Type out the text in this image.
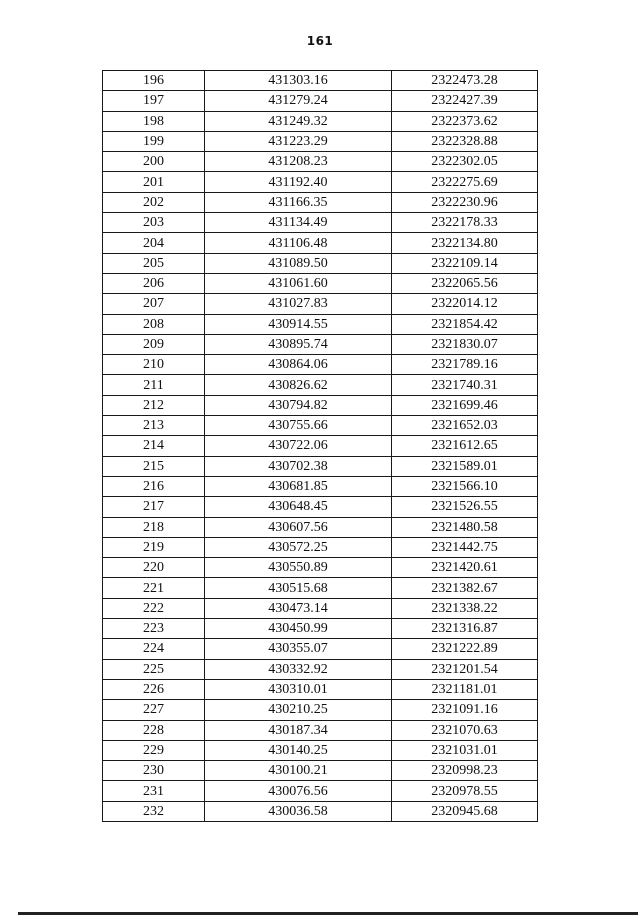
161
196	431303.16	2322473.28
197	431279.24	2322427.39
198	431249.32	2322373.62
199	431223.29	2322328.88
200	431208.23	2322302.05
201	431192.40	2322275.69
202	431166.35	2322230.96
203	431134.49	2322178.33
204	431106.48	2322134.80
205	431089.50	2322109.14
206	431061.60	2322065.56
207	431027.83	2322014.12
208	430914.55	2321854.42
209	430895.74	2321830.07
210	430864.06	2321789.16
211	430826.62	2321740.31
212	430794.82	2321699.46
213	430755.66	2321652.03
214	430722.06	2321612.65
215	430702.38	2321589.01
216	430681.85	2321566.10
217	430648.45	2321526.55
218	430607.56	2321480.58
219	430572.25	2321442.75
220	430550.89	2321420.61
221	430515.68	2321382.67
222	430473.14	2321338.22
223	430450.99	2321316.87
224	430355.07	2321222.89
225	430332.92	2321201.54
226	430310.01	2321181.01
227	430210.25	2321091.16
228	430187.34	2321070.63
229	430140.25	2321031.01
230	430100.21	2320998.23
231	430076.56	2320978.55
232	430036.58	2320945.68
